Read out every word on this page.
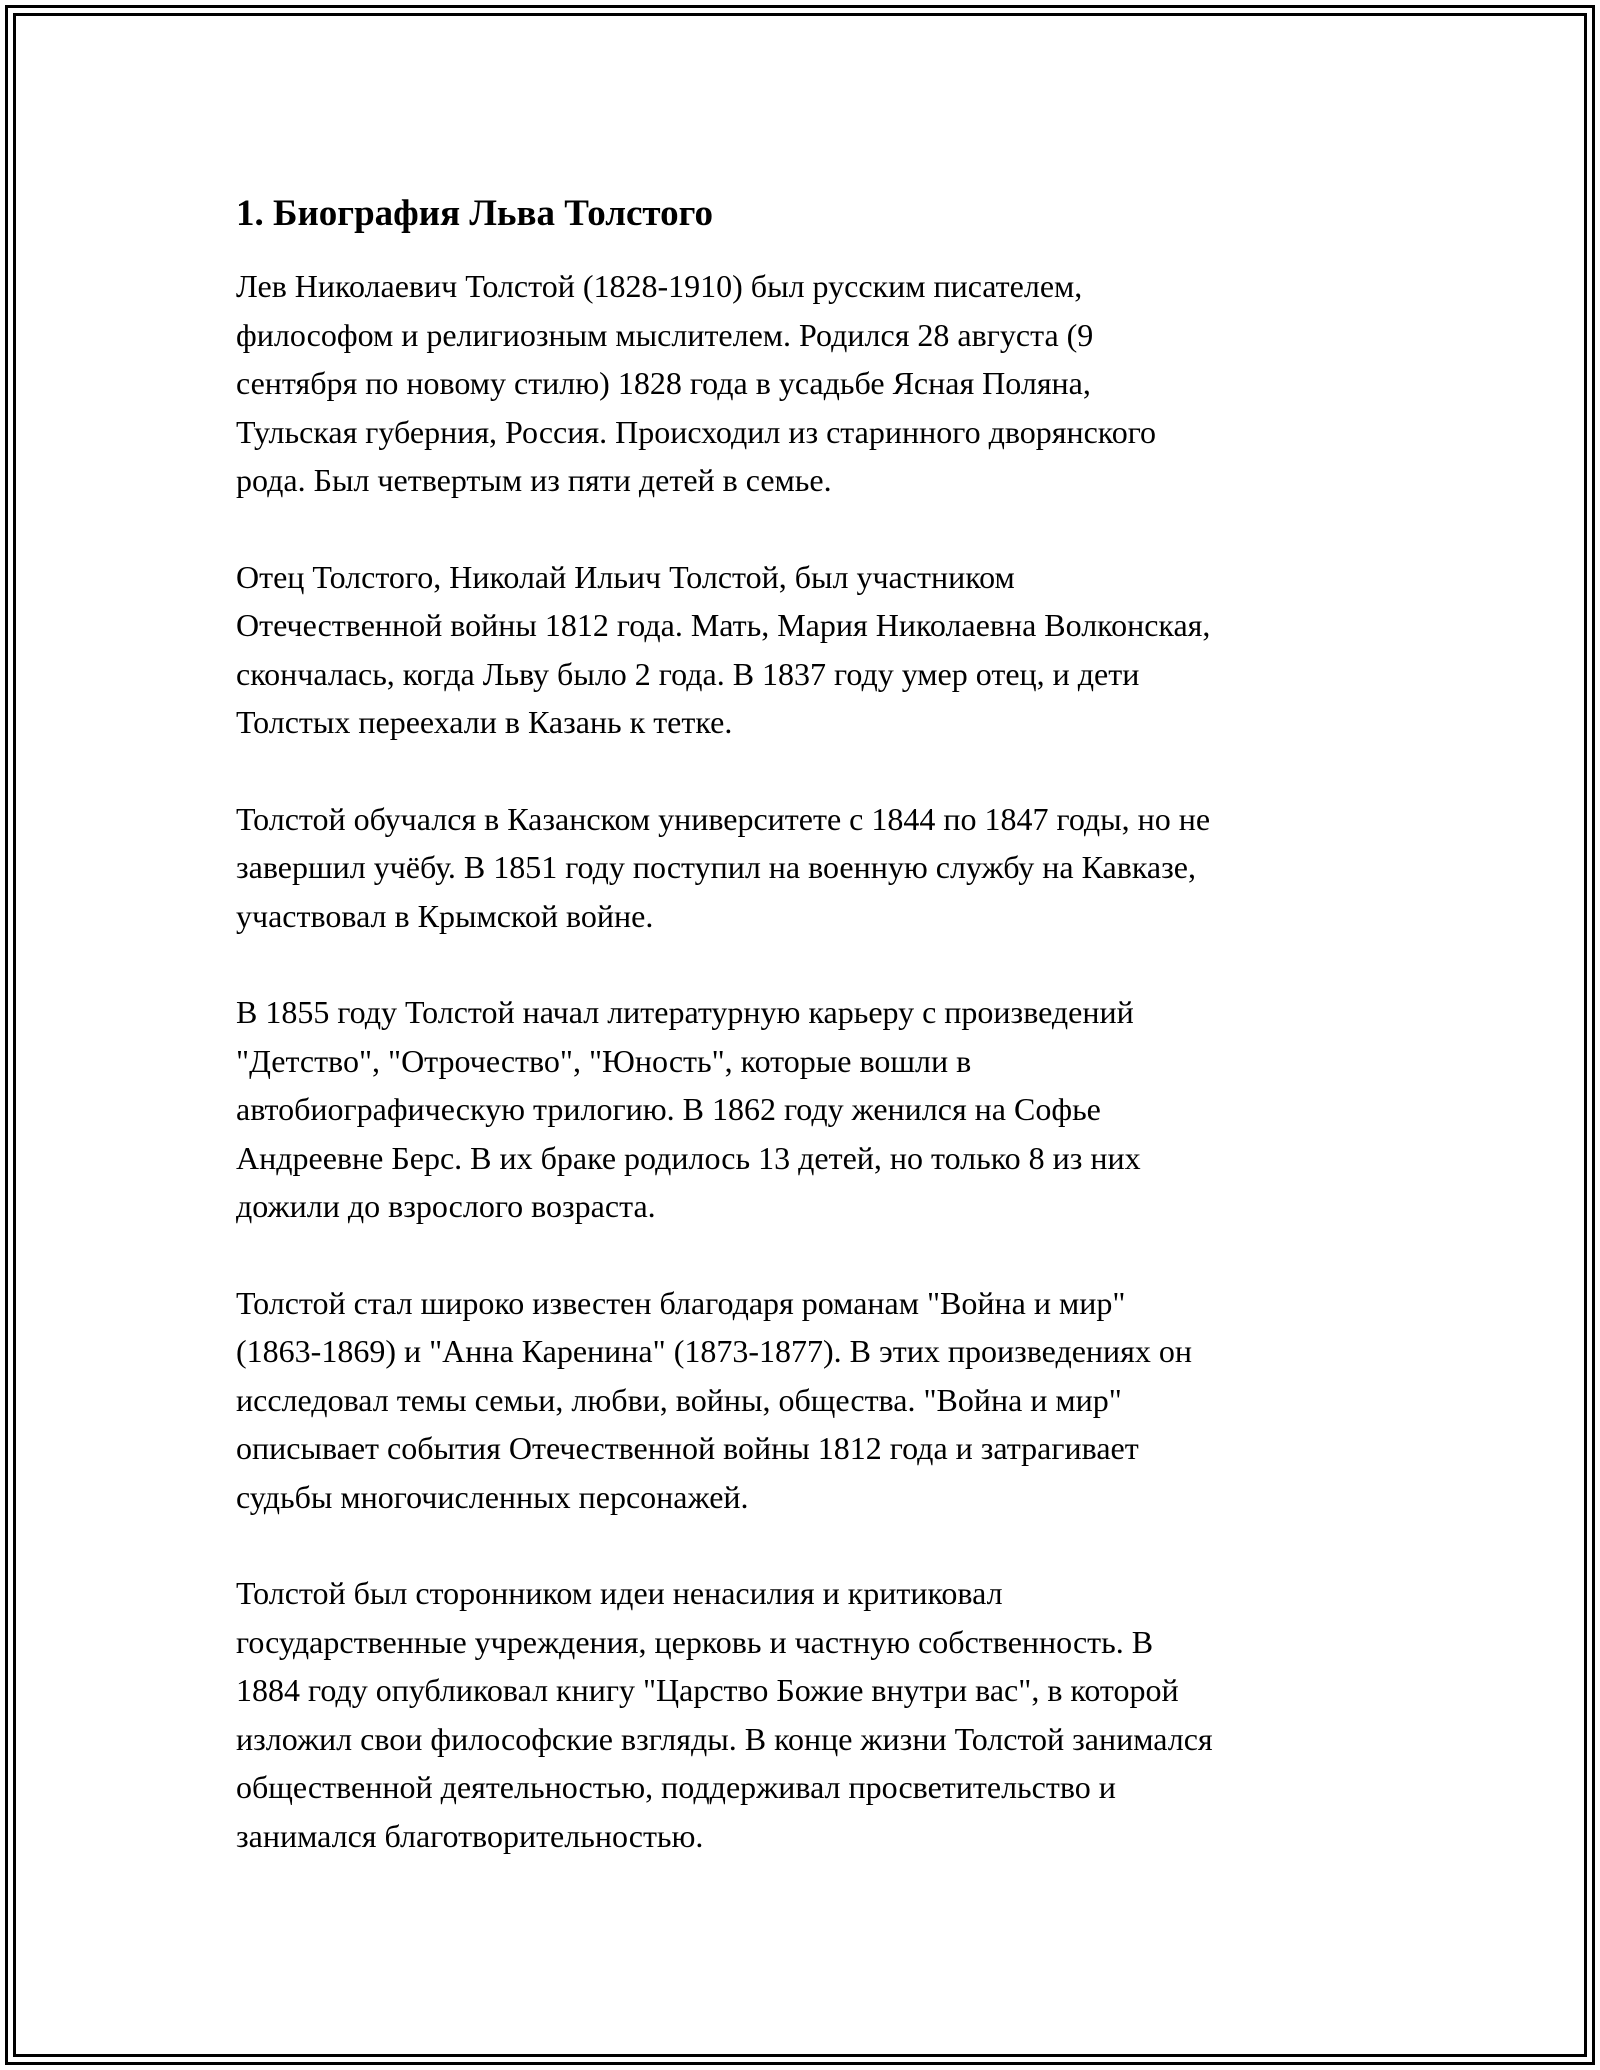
1. Биография Льва Толстого

Лев Николаевич Толстой (1828-1910) был русским писателем,
философом и религиозным мыслителем. Родился 28 августа (9
сентября по новому стилю) 1828 года в усадьбе Ясная Поляна,
Тульская губерния, Россия. Происходил из старинного дворянского
рода. Был четвертым из пяти детей в семье.

Отец Толстого, Николай Ильич Толстой, был участником
Отечественной войны 1812 года. Мать, Мария Николаевна Волконская,
скончалась, когда Льву было 2 года. В 1837 году умер отец, и дети
Толстых переехали в Казань к тетке.

Толстой обучался в Казанском университете с 1844 по 1847 годы, но не
завершил учёбу. В 1851 году поступил на военную службу на Кавказе,
участвовал в Крымской войне.

В 1855 году Толстой начал литературную карьеру с произведений
"Детство", "Отрочество", "Юность", которые вошли в
автобиографическую трилогию. В 1862 году женился на Софье
Андреевне Берс. В их браке родилось 13 детей, но только 8 из них
дожили до взрослого возраста.

Толстой стал широко известен благодаря романам "Война и мир"
(1863-1869) и "Анна Каренина" (1873-1877). В этих произведениях он
исследовал темы семьи, любви, войны, общества. "Война и мир"
описывает события Отечественной войны 1812 года и затрагивает
судьбы многочисленных персонажей.

Толстой был сторонником идеи ненасилия и критиковал
государственные учреждения, церковь и частную собственность. В
1884 году опубликовал книгу "Царство Божие внутри вас", в которой
изложил свои философские взгляды. В конце жизни Толстой занимался
общественной деятельностью, поддерживал просветительство и
занимался благотворительностью.
